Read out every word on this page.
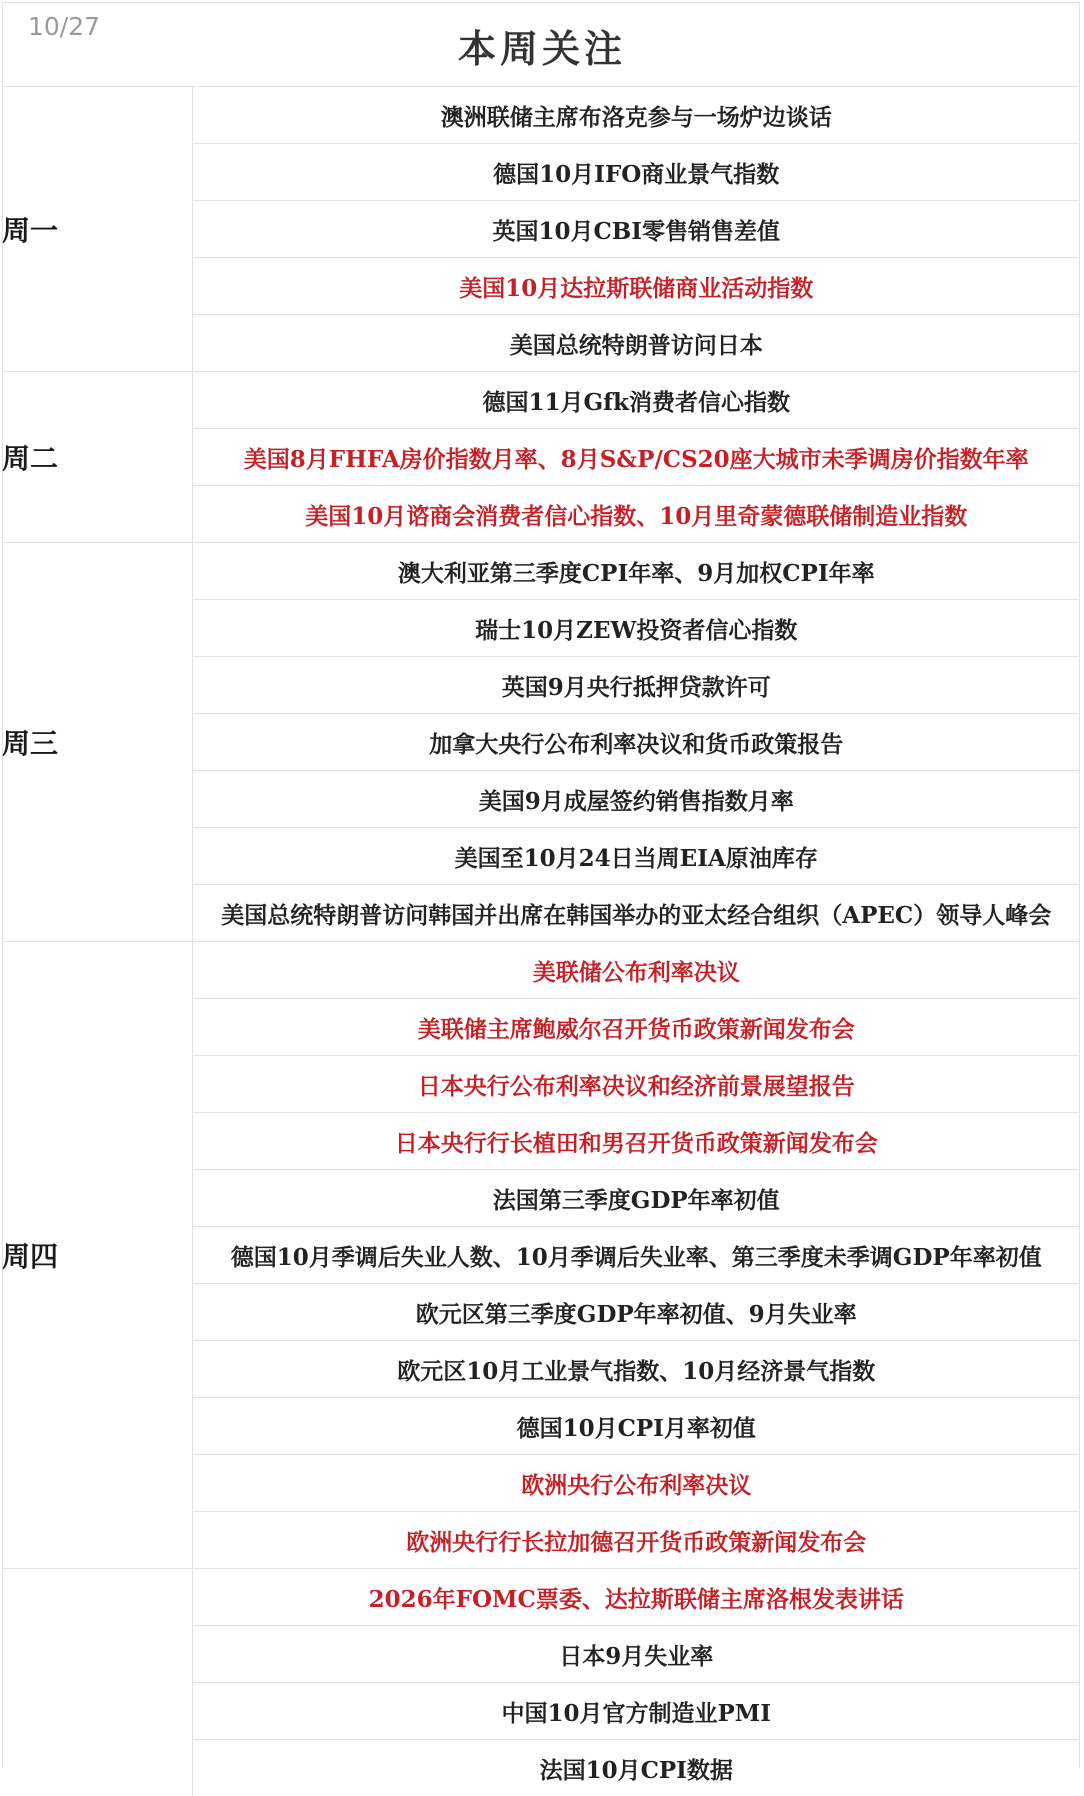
10/27	本周关注
周一	澳洲联储主席布洛克参与一场炉边谈话
	德国10月IFO商业景气指数
	英国10月CBI零售销售差值
	美国10月达拉斯联储商业活动指数
	美国总统特朗普访问日本
周二	德国11月Gfk消费者信心指数
	美国8月FHFA房价指数月率、8月S&P/CS20座大城市未季调房价指数年率
	美国10月谘商会消费者信心指数、10月里奇蒙德联储制造业指数
周三	澳大利亚第三季度CPI年率、9月加权CPI年率
	瑞士10月ZEW投资者信心指数
	英国9月央行抵押贷款许可
	加拿大央行公布利率决议和货币政策报告
	美国9月成屋签约销售指数月率
	美国至10月24日当周EIA原油库存
	美国总统特朗普访问韩国并出席在韩国举办的亚太经合组织（APEC）领导人峰会
周四	美联储公布利率决议
	美联储主席鲍威尔召开货币政策新闻发布会
	日本央行公布利率决议和经济前景展望报告
	日本央行行长植田和男召开货币政策新闻发布会
	法国第三季度GDP年率初值
	德国10月季调后失业人数、10月季调后失业率、第三季度未季调GDP年率初值
	欧元区第三季度GDP年率初值、9月失业率
	欧元区10月工业景气指数、10月经济景气指数
	德国10月CPI月率初值
	欧洲央行公布利率决议
	欧洲央行行长拉加德召开货币政策新闻发布会
	2026年FOMC票委、达拉斯联储主席洛根发表讲话
	日本9月失业率
	中国10月官方制造业PMI
	法国10月CPI数据
